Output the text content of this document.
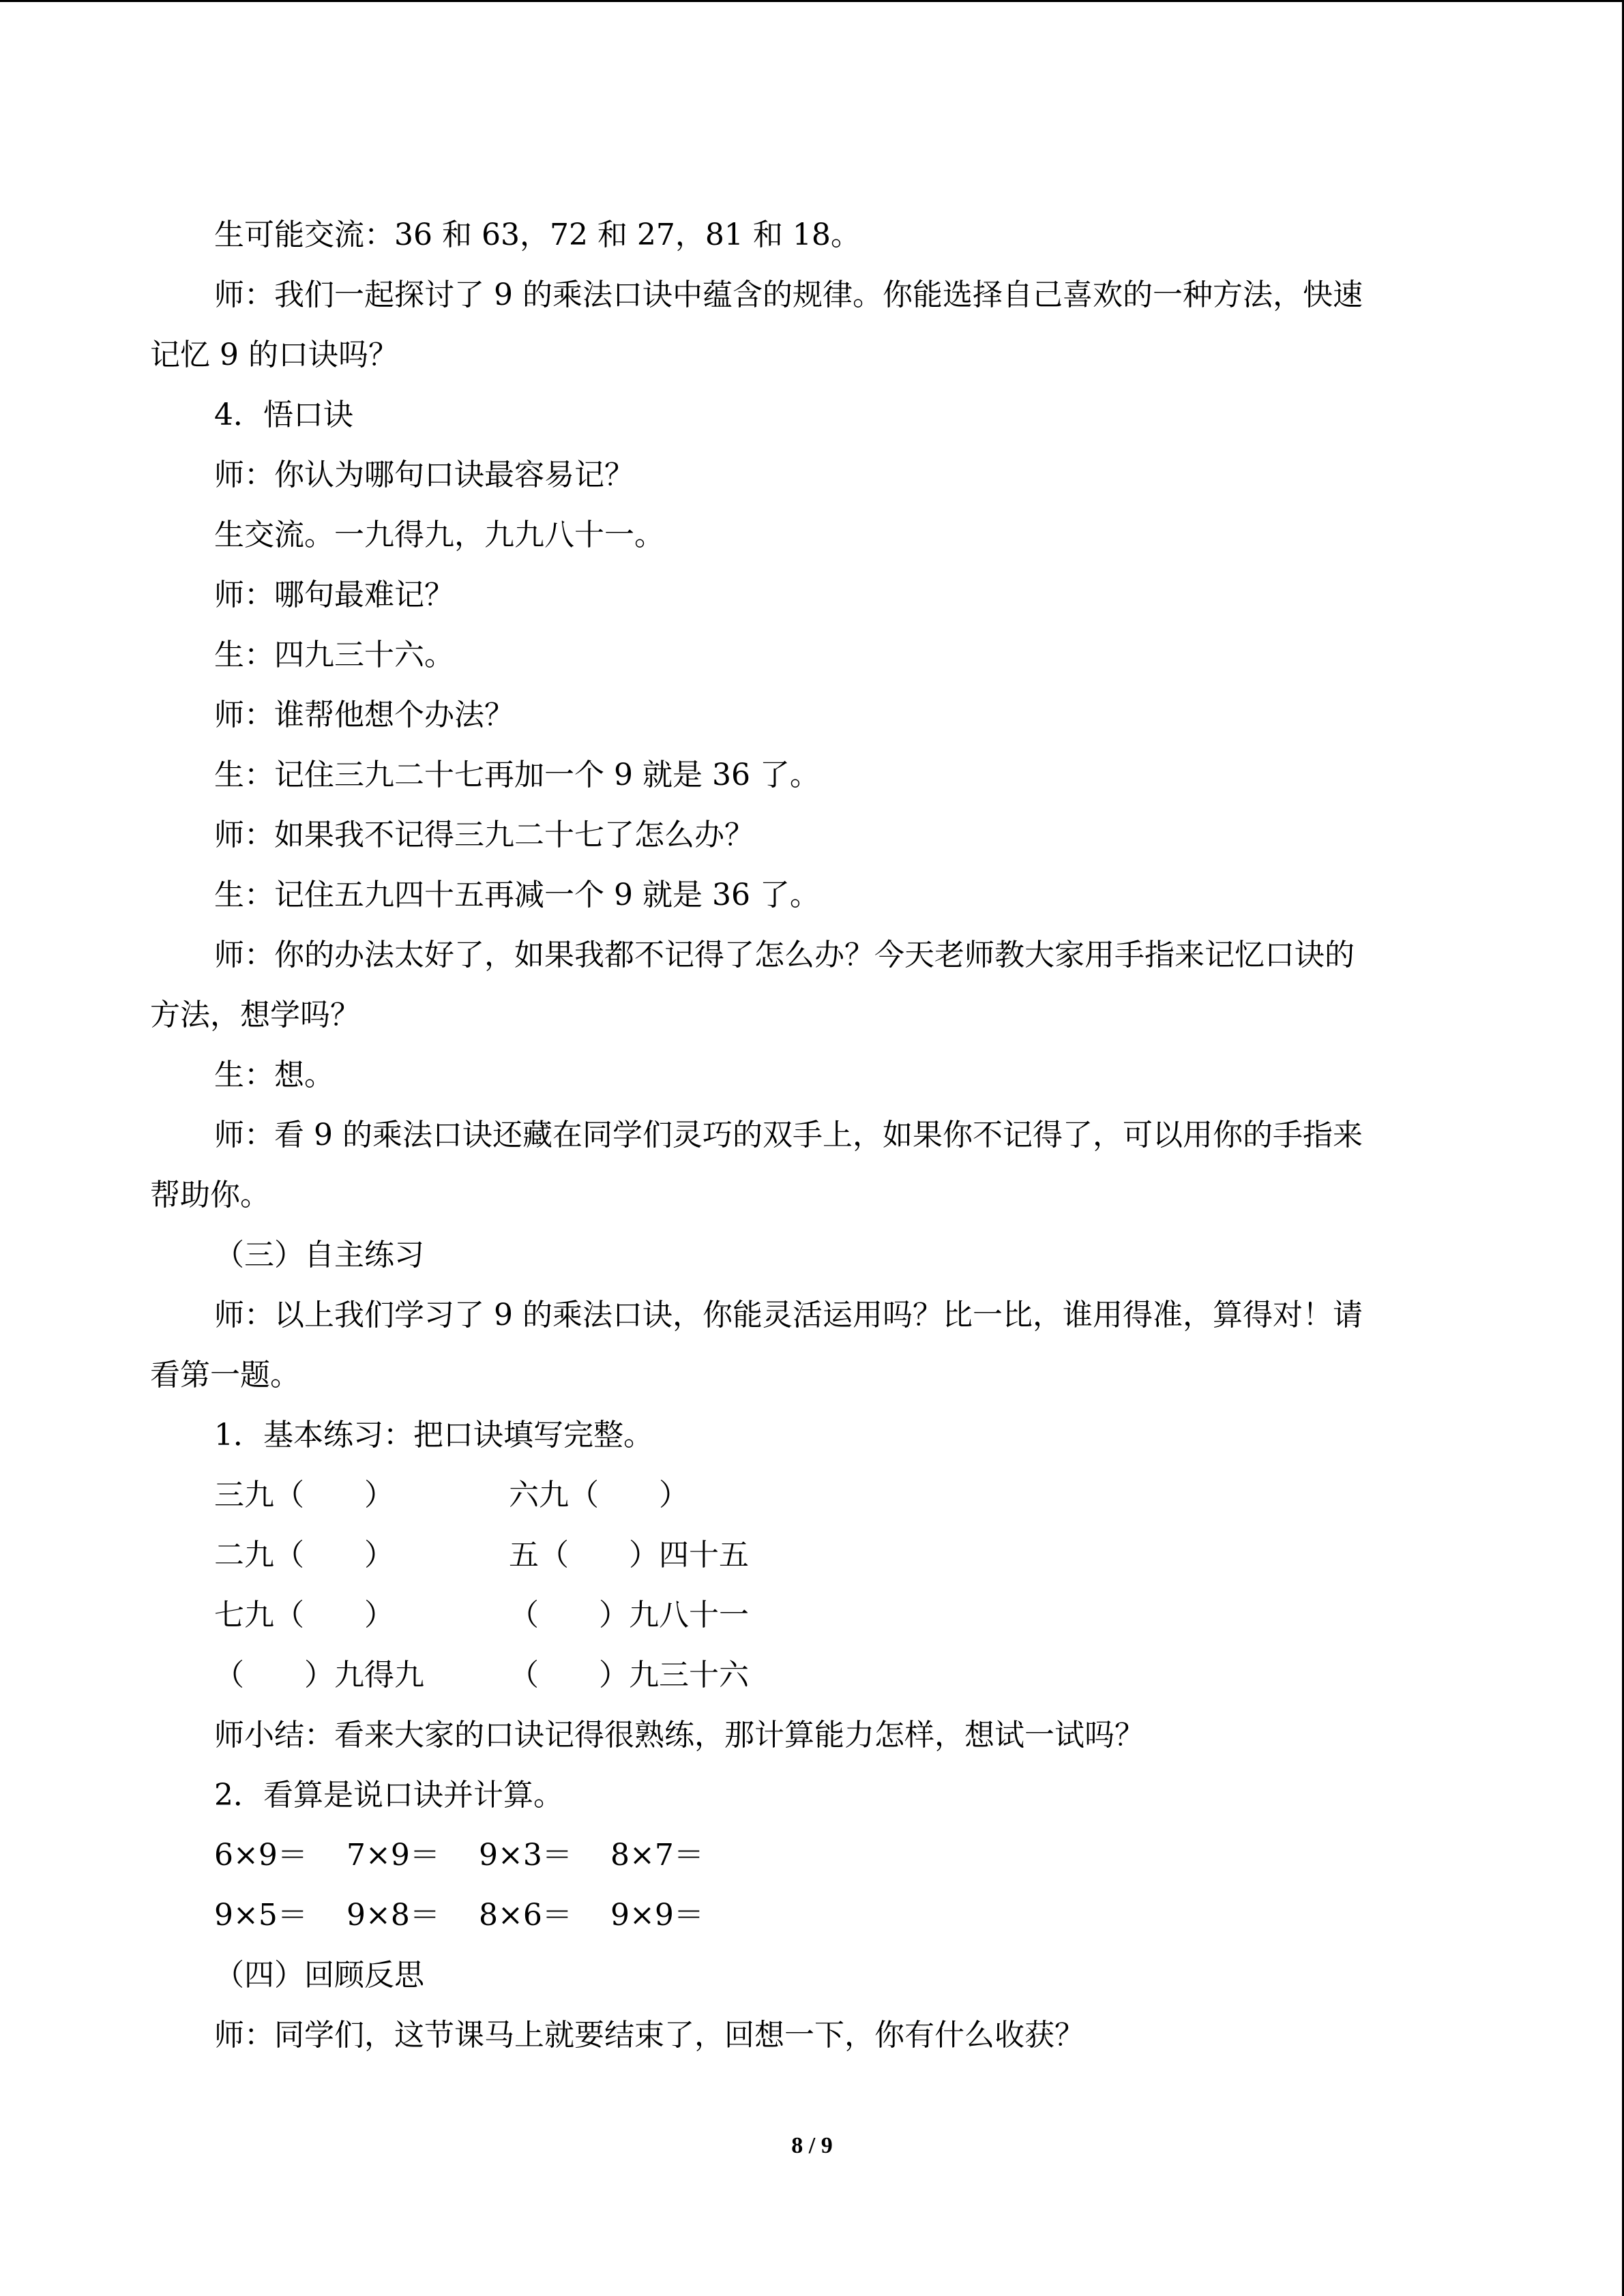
生可能交流：36 和 63，72 和 27，81 和 18。
师：我们一起探讨了 9 的乘法口诀中蕴含的规律。你能选择自己喜欢的一种方法，快速
记忆 9 的口诀吗？
4．悟口诀
师：你认为哪句口诀最容易记？
生交流。一九得九，九九八十一。
师：哪句最难记？
生：四九三十六。
师：谁帮他想个办法？
生：记住三九二十七再加一个 9 就是 36 了。
师：如果我不记得三九二十七了怎么办？
生：记住五九四十五再减一个 9 就是 36 了。
师：你的办法太好了，如果我都不记得了怎么办？今天老师教大家用手指来记忆口诀的
方法，想学吗？
生：想。
师：看 9 的乘法口诀还藏在同学们灵巧的双手上，如果你不记得了，可以用你的手指来
帮助你。
（三）自主练习
师：以上我们学习了 9 的乘法口诀，你能灵活运用吗？比一比，谁用得准，算得对！请
看第一题。
1．基本练习：把口诀填写完整。
三九（　　）	六九（　　）
二九（　　）	五（　　）四十五
七九（　　）	（　　）九八十一
（　　）九得九	（　　）九三十六
师小结：看来大家的口诀记得很熟练，那计算能力怎样，想试一试吗？
2．看算是说口诀并计算。
6×9＝ 7×9＝ 9×3＝ 8×7＝
9×5＝ 9×8＝ 8×6＝ 9×9＝
（四）回顾反思
师：同学们，这节课马上就要结束了，回想一下，你有什么收获？
8 / 9
